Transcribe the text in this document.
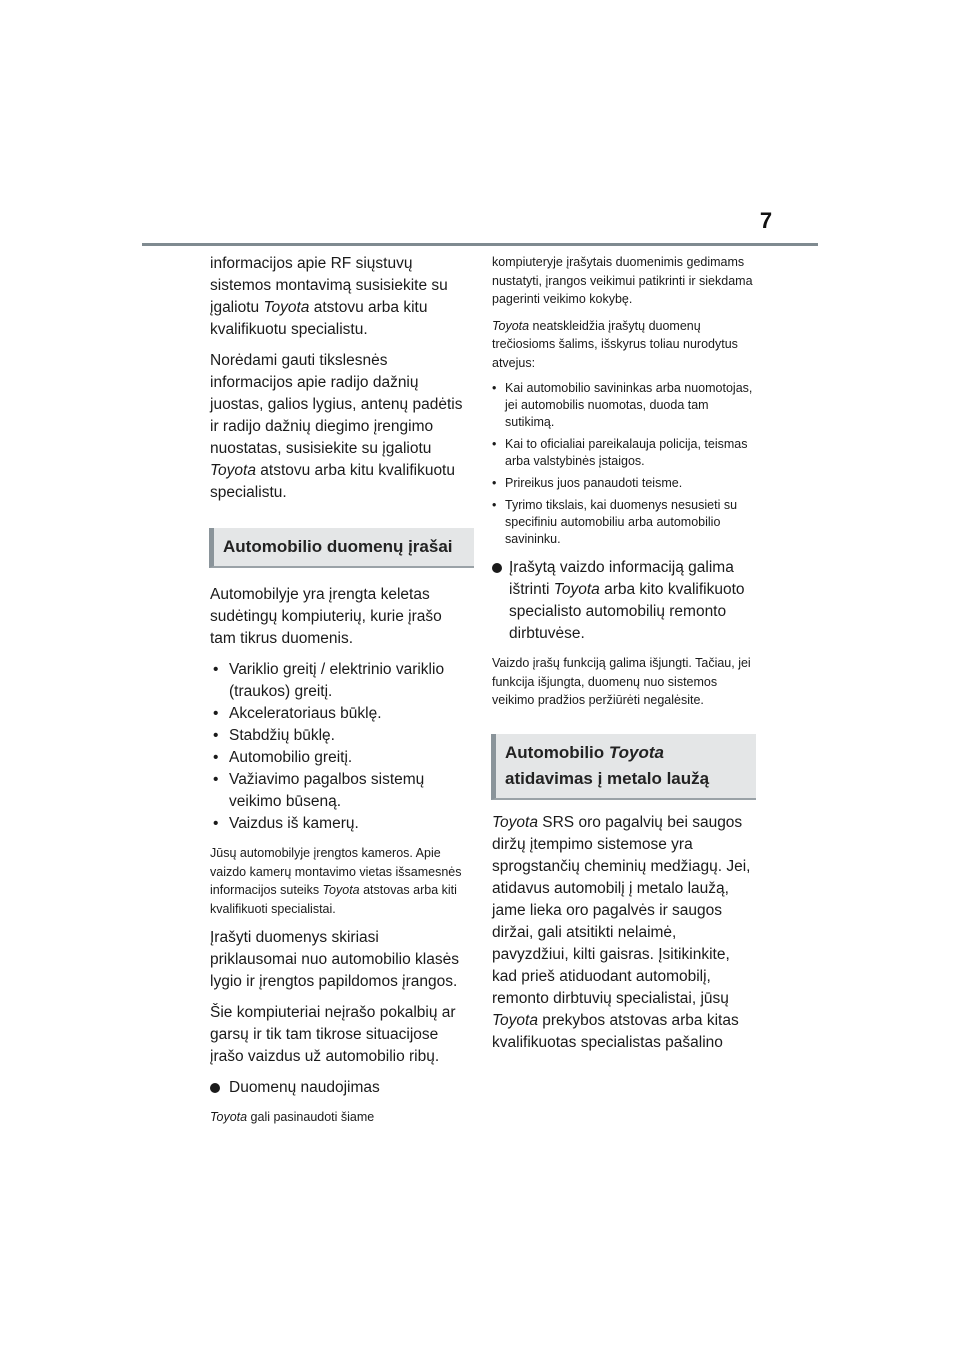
7

informacijos apie RF siųstuvų sistemos montavimą susisiekite su įgaliotu Toyota atstovu arba kitu kvalifikuotu specialistu.

Norėdami gauti tikslesnės informacijos apie radijo dažnių juostas, galios lygius, antenų padėtis ir radijo dažnių diegimo įrengimo nuostatas, susisiekite su įgaliotu Toyota atstovu arba kitu kvalifikuotu specialistu.

Automobilio duomenų įrašai

Automobilyje yra įrengta keletas sudėtingų kompiuterių, kurie įrašo tam tikrus duomenis.

• Variklio greitį / elektrinio variklio (traukos) greitį.
• Akceleratoriaus būklę.
• Stabdžių būklę.
• Automobilio greitį.
• Važiavimo pagalbos sistemų veikimo būseną.
• Vaizdus iš kamerų.

Jūsų automobilyje įrengtos kameros. Apie vaizdo kamerų montavimo vietas išsamesnės informacijos suteiks Toyota atstovas arba kiti kvalifikuoti specialistai.

Įrašyti duomenys skiriasi priklausomai nuo automobilio klasės lygio ir įrengtos papildomos įrangos.

Šie kompiuteriai neįrašo pokalbių ar garsų ir tik tam tikrose situacijose įrašo vaizdus už automobilio ribų.

Duomenų naudojimas

Toyota gali pasinaudoti šiame

kompiuteryje įrašytais duomenimis gedimams nustatyti, įrangos veikimui patikrinti ir siekdama pagerinti veikimo kokybę.

Toyota neatskleidžia įrašytų duomenų trečiosioms šalims, išskyrus toliau nurodytus atvejus:

• Kai automobilio savininkas arba nuomotojas, jei automobilis nuomotas, duoda tam sutikimą.
• Kai to oficialiai pareikalauja policija, teismas arba valstybinės įstaigos.
• Prireikus juos panaudoti teisme.
• Tyrimo tikslais, kai duomenys nesusieti su specifiniu automobiliu arba automobilio savininku.
Įrašytą vaizdo informaciją galima ištrinti Toyota arba kito kvalifikuoto specialisto automobilių remonto dirbtuvėse.

Vaizdo įrašų funkciją galima išjungti. Tačiau, jei funkcija išjungta, duomenų nuo sistemos veikimo pradžios peržiūrėti negalėsite.

Automobilio Toyota
atidavimas į metalo laužą

Toyota SRS oro pagalvių bei saugos diržų įtempimo sistemose yra sprogstančių cheminių medžiagų. Jei, atidavus automobilį į metalo laužą, jame lieka oro pagalvės ir saugos diržai, gali atsitikti nelaimė, pavyzdžiui, kilti gaisras. Įsitikinkite, kad prieš atiduodant automobilį, remonto dirbtuvių specialistai, jūsų Toyota prekybos atstovas arba kitas kvalifikuotas specialistas pašalino
